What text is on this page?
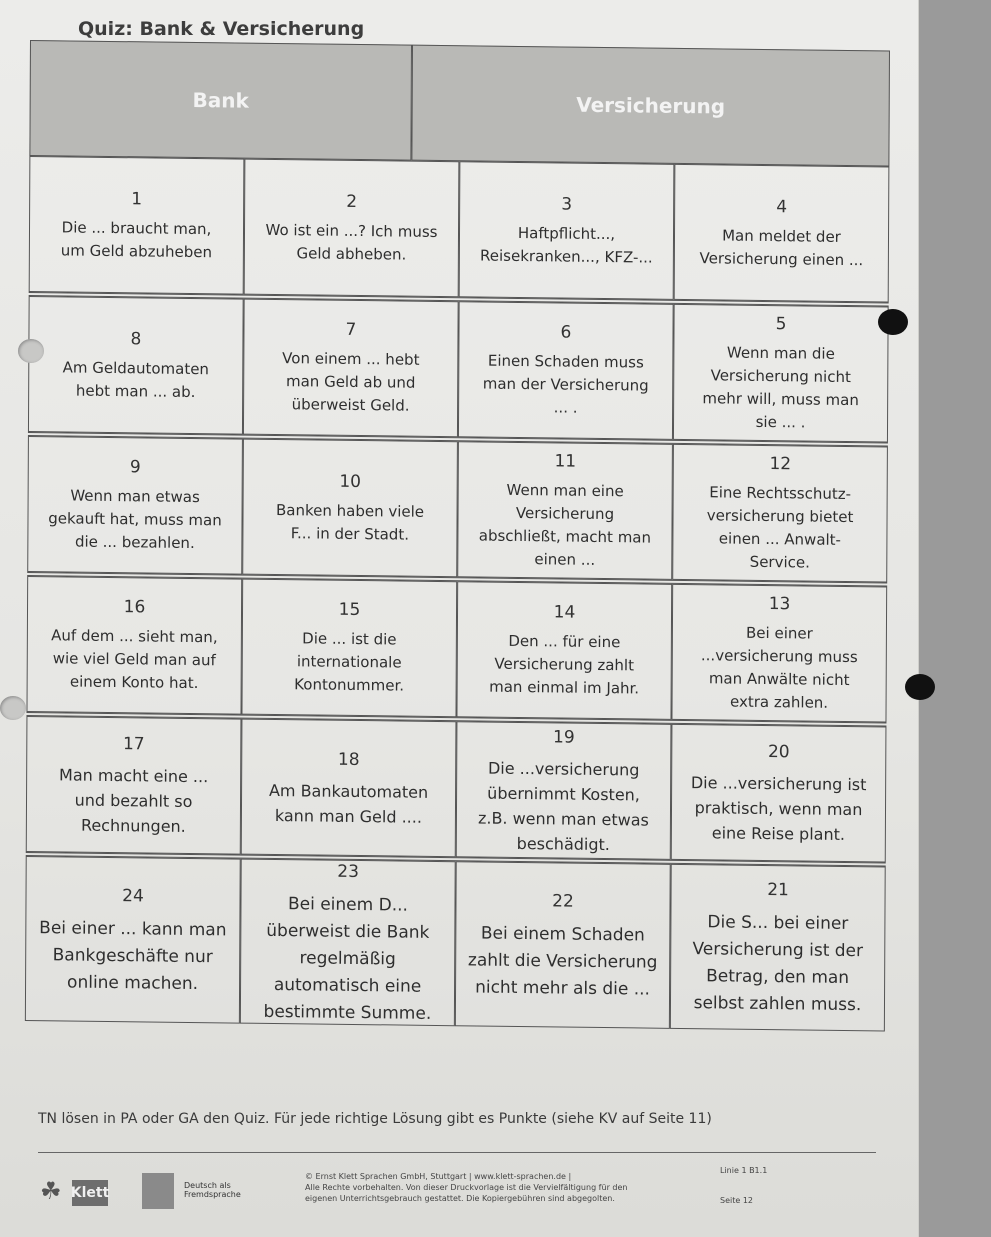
Quiz: Bank & Versicherung
Bank	Versicherung
1
Die ... braucht man,
um Geld abzuheben
2
Wo ist ein ...? Ich muss
Geld abheben.
3
Haftpflicht...,
Reisekranken..., KFZ-...
4
Man meldet der
Versicherung einen ...
8
Am Geldautomaten
hebt man ... ab.
7
Von einem ... hebt
man Geld ab und
überweist Geld.
6
Einen Schaden muss
man der Versicherung
... .
5
Wenn man die
Versicherung nicht
mehr will, muss man
sie ... .
9
Wenn man etwas
gekauft hat, muss man
die ... bezahlen.
10
Banken haben viele
F... in der Stadt.
11
Wenn man eine
Versicherung
abschließt, macht man
einen ...
12
Eine Rechtsschutz-
versicherung bietet
einen ... Anwalt-
Service.
16
Auf dem ... sieht man,
wie viel Geld man auf
einem Konto hat.
15
Die ... ist die
internationale
Kontonummer.
14
Den ... für eine
Versicherung zahlt
man einmal im Jahr.
13
Bei einer
...versicherung muss
man Anwälte nicht
extra zahlen.
17
Man macht eine ...
und bezahlt so
Rechnungen.
18
Am Bankautomaten
kann man Geld ....
19
Die ...versicherung
übernimmt Kosten,
z.B. wenn man etwas
beschädigt.
20
Die ...versicherung ist
praktisch, wenn man
eine Reise plant.
24
Bei einer ... kann man
Bankgeschäfte nur
online machen.
23
Bei einem D...
überweist die Bank
regelmäßig
automatisch eine
bestimmte Summe.
22
Bei einem Schaden
zahlt die Versicherung
nicht mehr als die ...
21
Die S... bei einer
Versicherung ist der
Betrag, den man
selbst zahlen muss.
TN lösen in PA oder GA den Quiz. Für jede richtige Lösung gibt es Punkte (siehe KV auf Seite 11)
☘ Klett	Deutsch als
Fremdsprache
© Ernst Klett Sprachen GmbH, Stuttgart | www.klett-sprachen.de |
Alle Rechte vorbehalten. Von dieser Druckvorlage ist die Vervielfältigung für den
eigenen Unterrichtsgebrauch gestattet. Die Kopiergebühren sind abgegolten.
Linie 1 B1.1
Seite 12
